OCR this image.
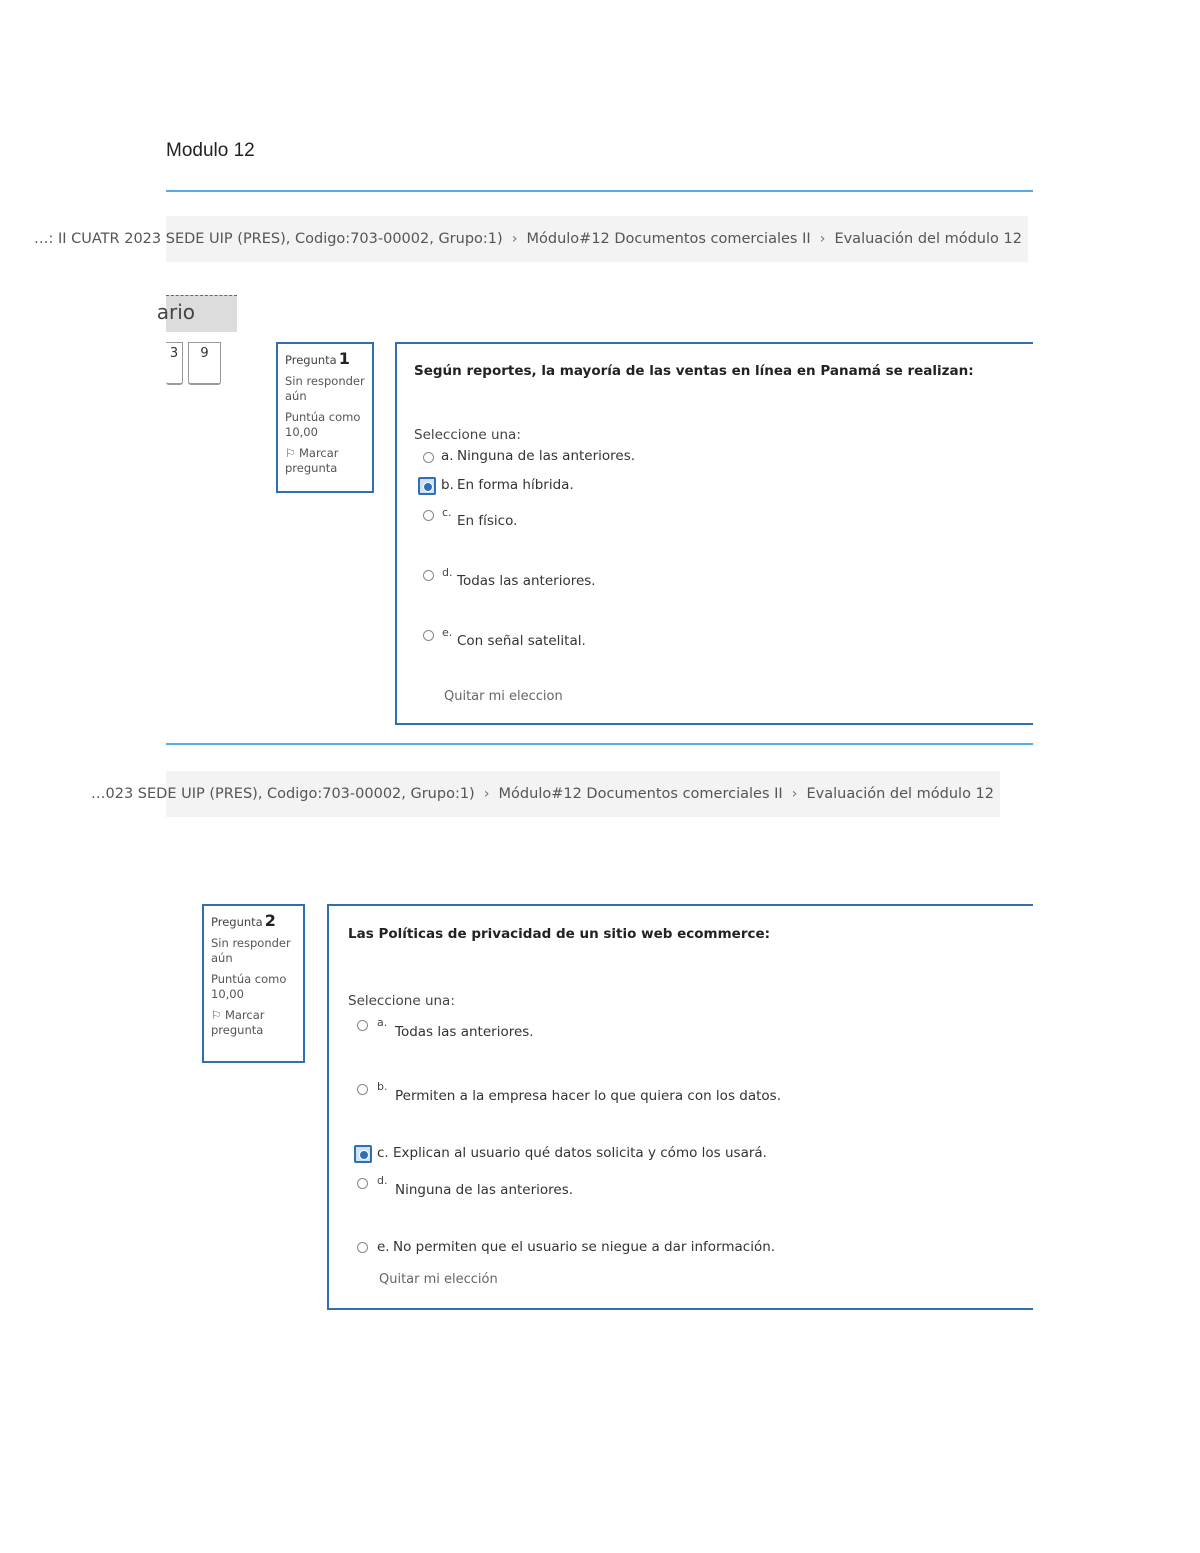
Modulo 12
…: II CUATR 2023 SEDE UIP (PRES), Codigo:703-00002, Grupo:1) › Módulo#12 Documentos comerciales II › Evaluación del módulo 12
ario
3	9	Pregunta 1

Sin responder aún

Puntúa como 10,00

⚐ Marcar pregunta

Según reportes, la mayoría de las ventas en línea en Panamá se realizan:
Seleccione una:
a. Ninguna de las anteriores.
b. En forma híbrida.
c.
En físico.
d.
Todas las anteriores.
e.
Con señal satelital.
Quitar mi eleccion
…023 SEDE UIP (PRES), Codigo:703-00002, Grupo:1) › Módulo#12 Documentos comerciales II › Evaluación del módulo 12
Pregunta 2

Sin responder aún

Puntúa como 10,00

⚐ Marcar pregunta

Las Políticas de privacidad de un sitio web ecommerce:
Seleccione una:
a.
Todas las anteriores.
b.
Permiten a la empresa hacer lo que quiera con los datos.
c. Explican al usuario qué datos solicita y cómo los usará.
d.
Ninguna de las anteriores.
e. No permiten que el usuario se niegue a dar información.
Quitar mi elección
